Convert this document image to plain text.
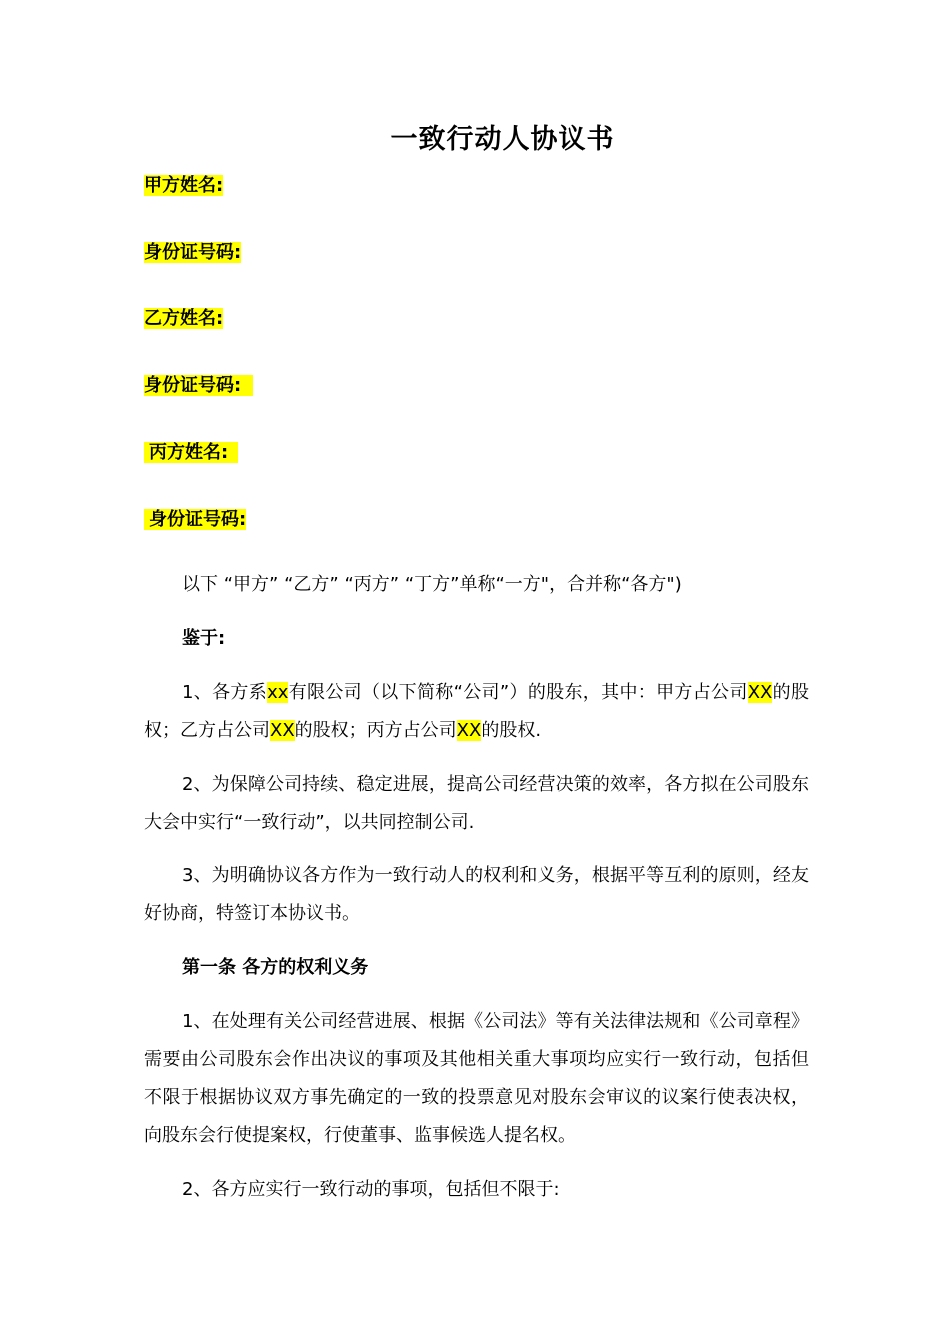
一致行动人协议书
甲方姓名:
身份证号码:
乙方姓名:
身份证号码:
丙方姓名:
身份证号码:

以下 “甲方” “乙方” “丙方” “丁方”单称“一方"，合并称“各方")

鉴于:

1、各方系xx有限公司（以下简称“公司”）的股东，其中：甲方占公司XX的股权；乙方占公司XX的股权；丙方占公司XX的股权.

2、为保障公司持续、稳定进展，提高公司经营决策的效率，各方拟在公司股东大会中实行“一致行动”，以共同控制公司.

3、为明确协议各方作为一致行动人的权利和义务，根据平等互利的原则，经友好协商，特签订本协议书。

第一条 各方的权利义务

1、在处理有关公司经营进展、根据《公司法》等有关法律法规和《公司章程》需要由公司股东会作出决议的事项及其他相关重大事项均应实行一致行动，包括但不限于根据协议双方事先确定的一致的投票意见对股东会审议的议案行使表决权，向股东会行使提案权，行使董事、监事候选人提名权。

2、各方应实行一致行动的事项，包括但不限于:
